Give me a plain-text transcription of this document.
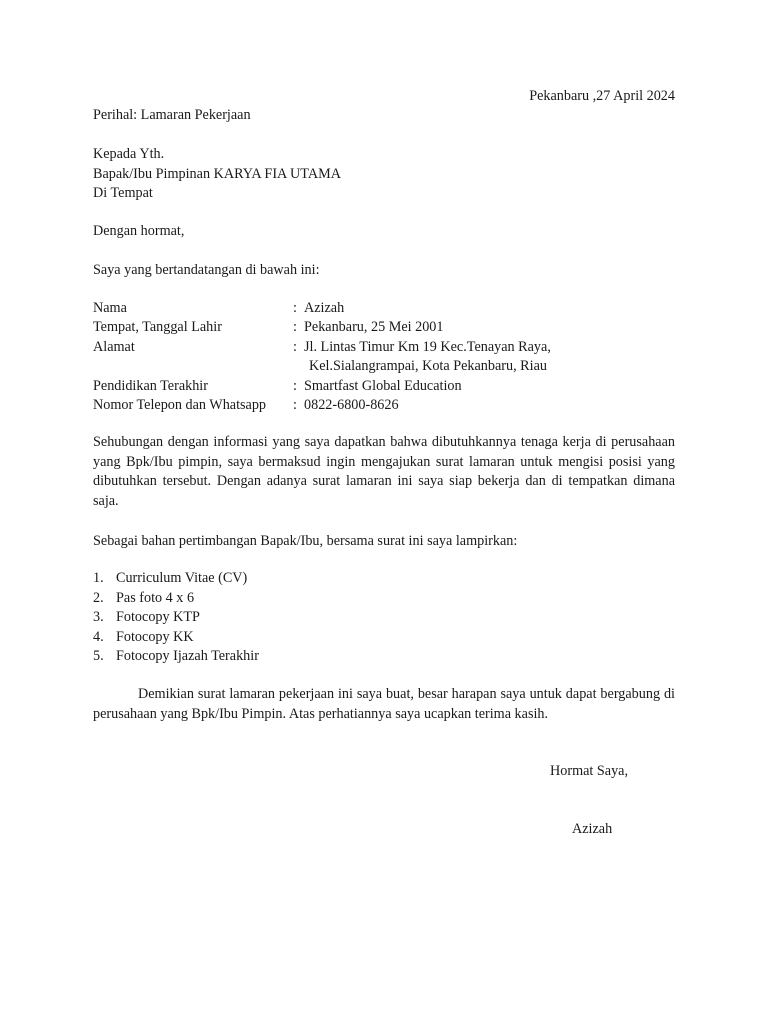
Pekanbaru ,27 April 2024
Perihal: Lamaran Pekerjaan
Kepada Yth.
Bapak/Ibu Pimpinan KARYA FIA UTAMA
Di Tempat
Dengan hormat,
Saya yang bertandatangan di bawah ini:
Nama	: Azizah
Tempat, Tanggal Lahir	: Pekanbaru, 25 Mei 2001
Alamat	: Jl. Lintas Timur Km 19 Kec.Tenayan Raya,
Kel.Sialangrampai, Kota Pekanbaru, Riau
Pendidikan Terakhir	: Smartfast Global Education
Nomor Telepon dan Whatsapp	: 0822-6800-8626
Sehubungan dengan informasi yang saya dapatkan bahwa dibutuhkannya tenaga kerja di perusahaan yang Bpk/Ibu pimpin, saya bermaksud ingin mengajukan surat lamaran untuk mengisi posisi yang dibutuhkan tersebut. Dengan adanya surat lamaran ini saya siap bekerja dan di tempatkan dimana saja.
Sebagai bahan pertimbangan Bapak/Ibu, bersama surat ini saya lampirkan:
1. Curriculum Vitae (CV)
2. Pas foto 4 x 6
3. Fotocopy KTP
4. Fotocopy KK
5. Fotocopy Ijazah Terakhir
Demikian surat lamaran pekerjaan ini saya buat, besar harapan saya untuk dapat bergabung di perusahaan yang Bpk/Ibu Pimpin. Atas perhatiannya saya ucapkan terima kasih.
Hormat Saya,
Azizah
